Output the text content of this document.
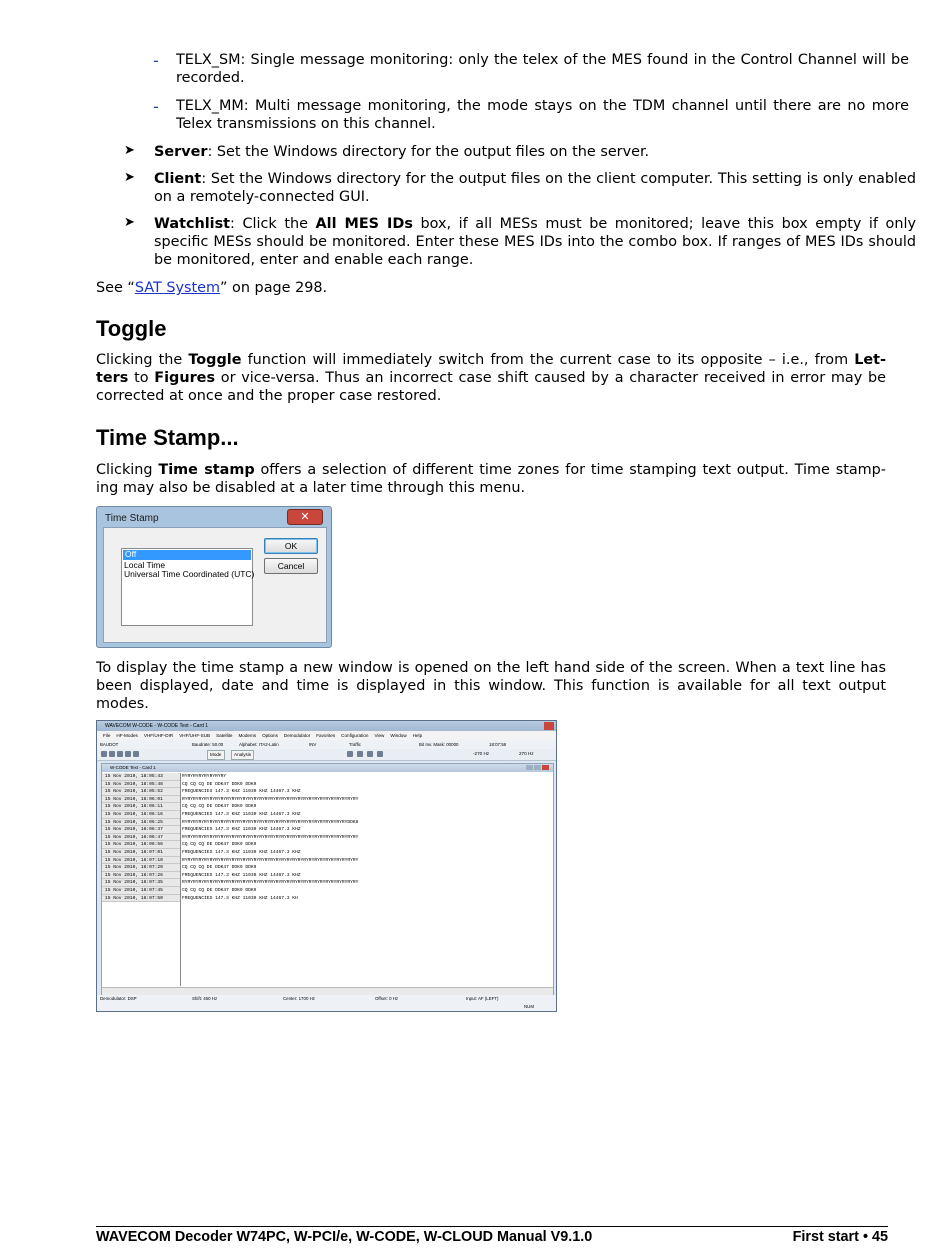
- TELX_SM: Single message monitoring: only the telex of the MES found in the Control Channel will be recorded.

- TELX_MM: Multi message monitoring, the mode stays on the TDM channel until there are no more Telex transmissions on this channel.

➤ Server: Set the Windows directory for the output files on the server.

➤ Client: Set the Windows directory for the output files on the client computer. This setting is only enabled on a remotely-connected GUI.

➤ Watchlist: Click the All MES IDs box, if all MESs must be monitored; leave this box empty if only specific MESs should be monitored. Enter these MES IDs into the combo box. If ranges of MES IDs should be monitored, enter and enable each range.

See “SAT System” on page 298.

Toggle

Clicking the Toggle function will immediately switch from the current case to its opposite – i.e., from Let-ters to Figures or vice-versa. Thus an incorrect case shift caused by a character received in error may be corrected at once and the proper case restored.

Time Stamp...

Clicking Time stamp offers a selection of different time zones for time stamping text output. Time stamp-ing may also be disabled at a later time through this menu.

Time Stamp	✕
Off
Local Time
Universal Time Coordinated (UTC)
OK
Cancel

To display the time stamp a new window is opened on the left hand side of the screen. When a text line has been displayed, date and time is displayed in this window. This function is available for all text output modes.

WAVECOM W-CODE - W-CODE Text - Card 1
File HF-Modes VHF/UHF-DIR VHF/UHF-SUB Satellite Modems Options Demodulator Favorites Configuration View Window Help
BAUDOT	Baudrate: 50.00	Alphabet: ITA2-Latin	INV	Traffic	Bit Inv. Mask: 00000	18:07:58
Mode	Analysis	-270 Hz	270 Hz
W-CODE Text - Card 1
15 Nov 2010, 18:05:43
15 Nov 2010, 18:05:48
15 Nov 2010, 18:05:52
15 Nov 2010, 18:06:01
15 Nov 2010, 18:06:11
15 Nov 2010, 18:06:16
15 Nov 2010, 18:06:25
15 Nov 2010, 18:06:37
15 Nov 2010, 18:06:47
15 Nov 2010, 18:06:56
15 Nov 2010, 18:07:01
15 Nov 2010, 18:07:10
15 Nov 2010, 18:07:20
15 Nov 2010, 18:07:26
15 Nov 2010, 18:07:35
15 Nov 2010, 18:07:45
15 Nov 2010, 18:07:50
RYRYRYRYRYRYRYRY
CQ CQ CQ DE DDK47 DDK9 DDK9
FREQUENCIES 147.3 KHZ 11030 KHZ 14467.3 KHZ
RYRYRYRYRYRYRYRYRYRYRYRYRYRYRYRYRYRYRYRYRYRYRYRYRYRYRYRYRYRYRYRY
CQ CQ CQ DE DDK47 DDK9 DDK9
FREQUENCIES 147.3 KHZ 11030 KHZ 14467.3 KHZ
RYRYRYRYRYRYRYRYRYRYRYRYRYRYRYRYRYRYRYRYRYRYRYRYRYRYRYRYRYRYDDK8
FREQUENCIES 147.3 KHZ 11030 KHZ 14467.3 KHZ
RYRYRYRYRYRYRYRYRYRYRYRYRYRYRYRYRYRYRYRYRYRYRYRYRYRYRYRYRYRYRYRY
CQ CQ CQ DE DDK47 DDK9 DDK9
FREQUENCIES 147.3 KHZ 11030 KHZ 14467.3 KHZ
RYRYRYRYRYRYRYRYRYRYRYRYRYRYRYRYRYRYRYRYRYRYRYRYRYRYRYRYRYRYRYRY
CQ CQ CQ DE DDK47 DDK9 DDK9
FREQUENCIES 147.3 KHZ 11030 KHZ 14467.3 KHZ
RYRYRYRYRYRYRYRYRYRYRYRYRYRYRYRYRYRYRYRYRYRYRYRYRYRYRYRYRYRYRYRY
CQ CQ CQ DE DDK47 DDK9 DDK9
FREQUENCIES 147.3 KHZ 11030 KHZ 14467.3 KH
Demodulator: DSP	Shift: 450 Hz	Center: 1700 Hz	Offset: 0 Hz	Input: AF (LEFT)
NUM
WAVECOM Decoder W74PC, W-PCI/e, W-CODE, W-CLOUD Manual V9.1.0	First start • 45
